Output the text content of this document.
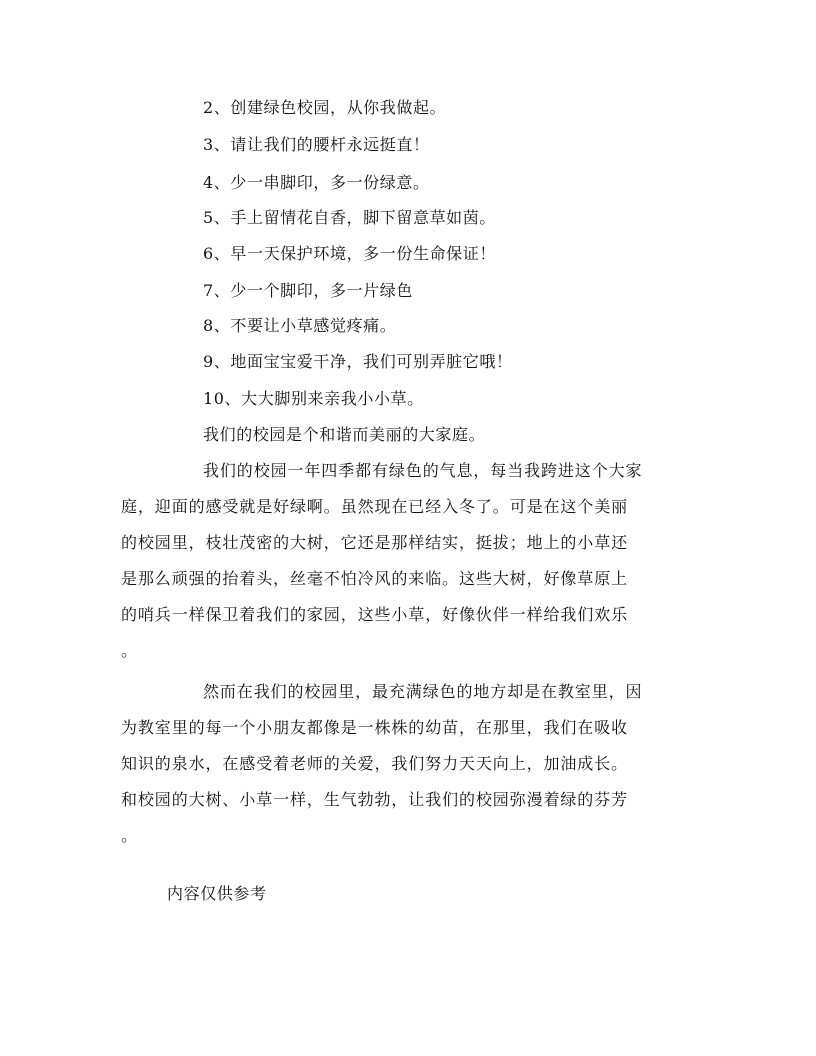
2、创建绿色校园，从你我做起。
3、请让我们的腰杆永远挺直！
4、少一串脚印，多一份绿意。
5、手上留情花自香，脚下留意草如茵。
6、早一天保护环境，多一份生命保证！
7、少一个脚印，多一片绿色
8、不要让小草感觉疼痛。
9、地面宝宝爱干净，我们可别弄脏它哦！
10、大大脚别来亲我小小草。
我们的校园是个和谐而美丽的大家庭。
我们的校园一年四季都有绿色的气息，每当我跨进这个大家
庭，迎面的感受就是好绿啊。虽然现在已经入冬了。可是在这个美丽
的校园里，枝壮茂密的大树，它还是那样结实，挺拔；地上的小草还
是那么顽强的抬着头，丝毫不怕冷风的来临。这些大树，好像草原上
的哨兵一样保卫着我们的家园，这些小草，好像伙伴一样给我们欢乐
。
然而在我们的校园里，最充满绿色的地方却是在教室里，因
为教室里的每一个小朋友都像是一株株的幼苗，在那里，我们在吸收
知识的泉水，在感受着老师的关爱，我们努力天天向上，加油成长。
和校园的大树、小草一样，生气勃勃，让我们的校园弥漫着绿的芬芳
。
内容仅供参考
